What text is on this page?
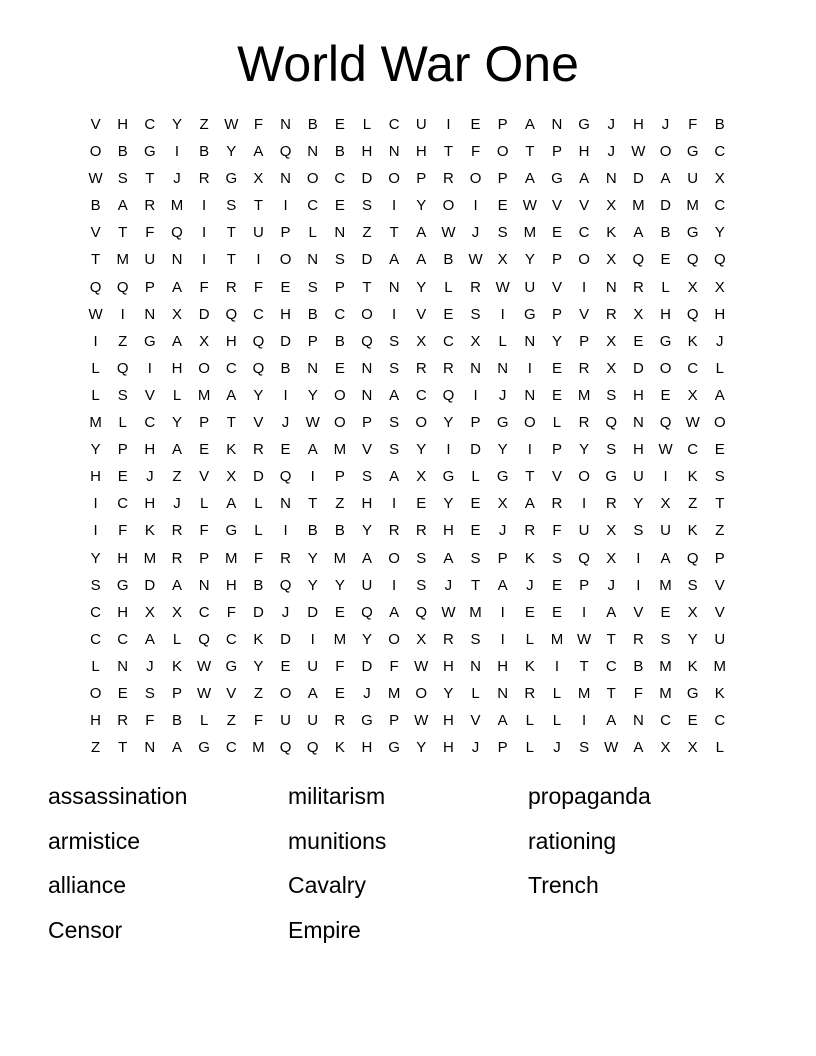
World War One
V	H	C	Y	Z	W	F	N	B	E	L	C	U	I	E	P	A	N	G	J	H	J	F	B
O	B	G	I	B	Y	A	Q	N	B	H	N	H	T	F	O	T	P	H	J	W O	G	C
W	S	T	J	R	G	X	N	O	C	D	O	P	R	O	P	A	G	A	N	D	A	U	X
B	A	R	M	I	S	T	I	C	E	S	I	Y	O	I	E	W	V	V	X	M	D	M	C
V	T	F	Q	I	T	U	P	L	N	Z	T	A	W	J	S	M	E	C	K	A	B	G	Y
T	M	U	N	I	T	I	O	N	S	D	A	A	B	W	X	Y	P	O	X	Q	E	Q	Q
Q	Q	P	A	F	R	F	E	S	P	T	N	Y	L	R W U	V	I	N	R	L	X	X
W	I	N	X	D	Q	C	H	B	C	O	I	V	E	S	I	G	P	V	R	X	H	Q	H
I	Z	G	A	X	H	Q	D	P	B	Q	S	X	C	X	L	N	Y	P	X	E	G	K	J
L	Q	I	H	O	C	Q	B	N	E	N	S	R	R	N	N	I	E	R	X	D	O	C	L
L	S	V	L	M	A	Y	I	Y	O	N	A	C	Q	I	J	N	E	M	S	H	E	X	A
M	L	C	Y	P	T	V	J	W O	P	S	O	Y	P	G	O	L	R	Q	N	Q W O
Y	P	H	A	E	K	R	E	A	M	V	S	Y	I	D	Y	I	P	Y	S	H W C	E
H	E	J	Z	V	X	D	Q	I	P	S	A	X	G	L	G	T	V	O	G	U	I	K	S
I	C	H	J	L	A	L	N	T	Z	H	I	E	Y	E	X	A	R	I	R	Y	X	Z	T
I	F	K	R	F	G	L	I	B	B	Y	R	R	H	E	J	R	F	U	X	S	U	K	Z
Y	H	M	R	P	M	F	R	Y	M	A	O	S	A	S	P	K	S	Q	X	I	A	Q	P
S	G	D	A	N	H	B	Q	Y	Y	U	I	S	J	T	A	J	E	P	J	I	M	S	V
C	H	X	X	C	F	D	J	D	E	Q	A	Q W M	I	E	E	I	A	V	E	X	V
C	C	A	L	Q	C	K	D	I	M	Y	O	X	R	S	I	L	M W	T	R	S	Y	U
L	N	J	K	W G	Y	E	U	F	D	F	W H	N	H	K	I	T	C	B	M	K	M
O	E	S	P	W	V	Z	O	A	E	J	M	O	Y	L	N	R	L	M	T	F	M	G	K
H	R	F	B	L	Z	F	U	U	R	G	P	W H	V	A	L	L	I	A	N	C	E	C
Z	T	N	A	G	C	M	Q	Q	K	H	G	Y	H	J	P	L	J	S	W	A	X	X	L
assassination
armistice
alliance
Censor
militarism
munitions
Cavalry
Empire
propaganda
rationing
Trench
